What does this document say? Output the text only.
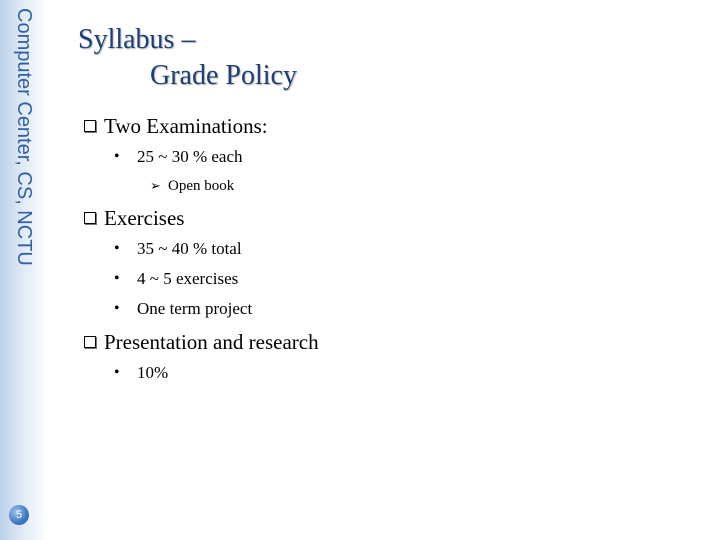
Computer Center, CS, NCTU
5
Syllabus –
Grade Policy
Two Examinations:
• 25 ~ 30 % each
➢ Open book
Exercises
• 35 ~ 40 % total
• 4 ~ 5 exercises
• One term project
Presentation and research
• 10%
